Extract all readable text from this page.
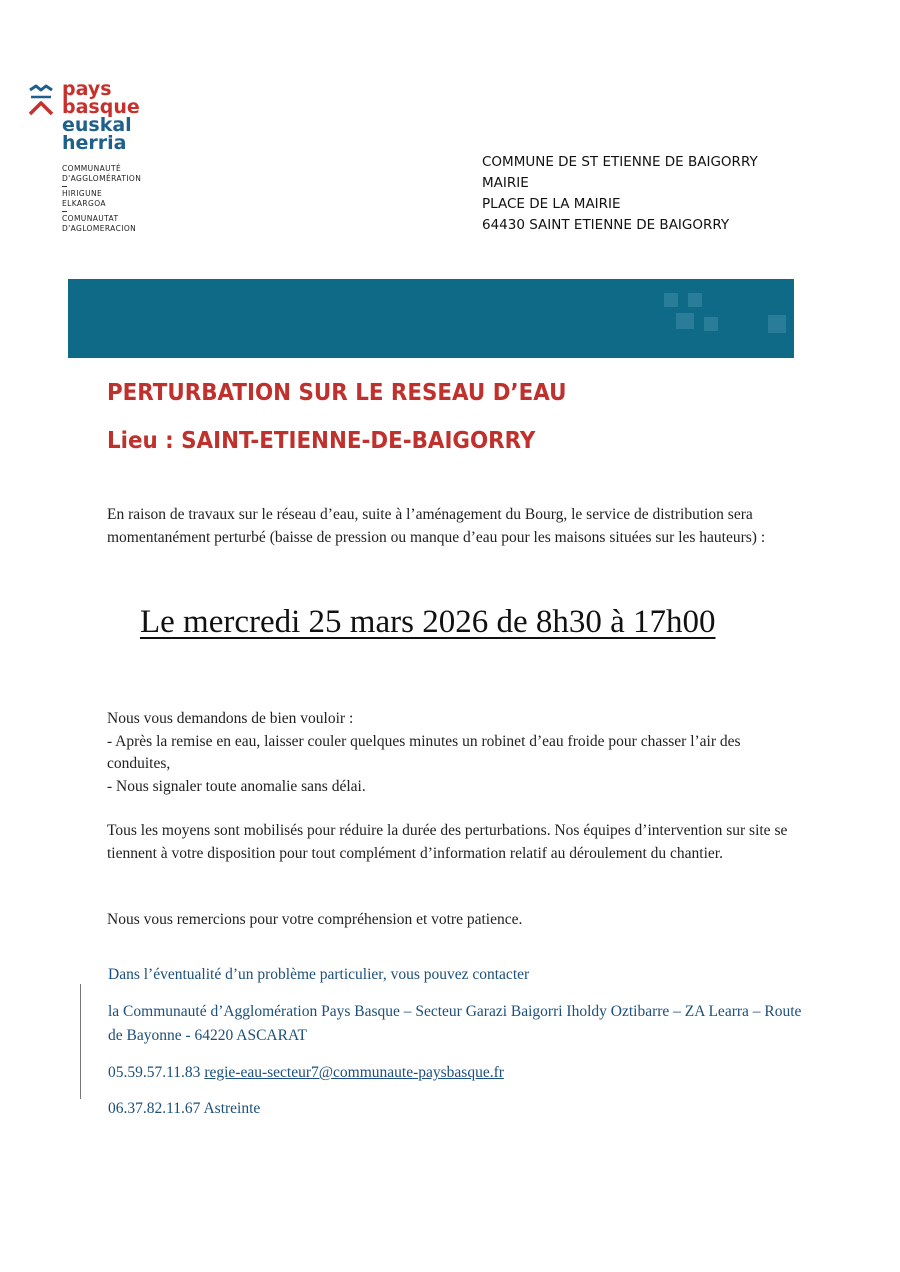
pays
basque
euskal
herria
COMMUNAUTÉ
D'AGGLOMÉRATION
HIRIGUNE
ELKARGOA
COMUNAUTAT
D'AGLOMERACION
COMMUNE DE ST ETIENNE DE BAIGORRY
MAIRIE
PLACE DE LA MAIRIE
64430 SAINT ETIENNE DE BAIGORRY
PERTURBATION SUR LE RESEAU D’EAU
Lieu : SAINT-ETIENNE-DE-BAIGORRY
En raison de travaux sur le réseau d’eau, suite à l’aménagement du Bourg, le service de distribution sera momentanément perturbé (baisse de pression ou manque d’eau pour les maisons situées sur les hauteurs) :
Le mercredi 25 mars 2026 de 8h30 à 17h00
Nous vous demandons de bien vouloir :
- Après la remise en eau, laisser couler quelques minutes un robinet d’eau froide pour chasser l’air des conduites,
- Nous signaler toute anomalie sans délai.
Tous les moyens sont mobilisés pour réduire la durée des perturbations. Nos équipes d’intervention sur site se tiennent à votre disposition pour tout complément d’information relatif au déroulement du chantier.
Nous vous remercions pour votre compréhension et votre patience.
Dans l’éventualité d’un problème particulier, vous pouvez contacter
la Communauté d’Agglomération Pays Basque – Secteur Garazi Baigorri Iholdy Oztibarre – ZA Learra – Route de Bayonne - 64220 ASCARAT
05.59.57.11.83 regie-eau-secteur7@communaute-paysbasque.fr
06.37.82.11.67 Astreinte
